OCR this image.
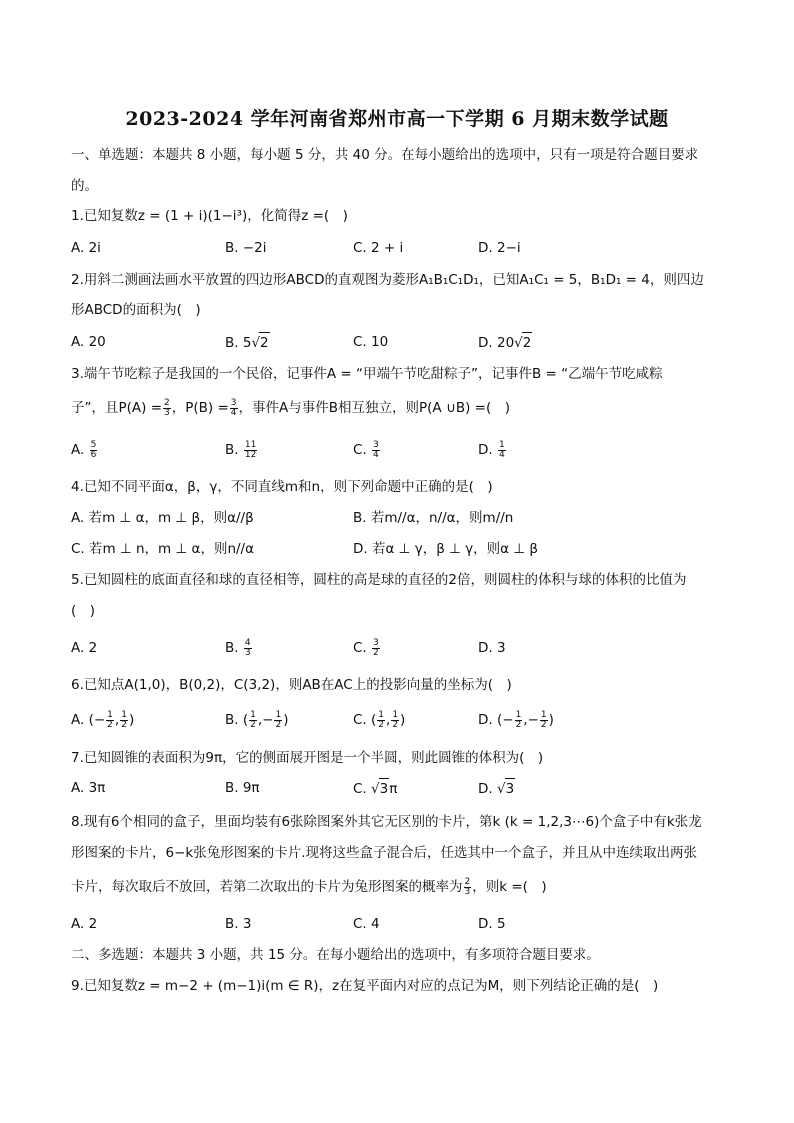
2023-2024 学年河南省郑州市高一下学期 6 月期末数学试题
一、单选题：本题共 8 小题，每小题 5 分，共 40 分。在每小题给出的选项中，只有一项是符合题目要求
的。
1.已知复数z = (1 + i)(1−i³)，化简得z =(　)
A. 2i	B. −2i	C. 2 + i	D. 2−i
2.用斜二测画法画水平放置的四边形ABCD的直观图为菱形A₁B₁C₁D₁，已知A₁C₁ = 5，B₁D₁ = 4，则四边
形ABCD的面积为(　)
A. 20	B. 5√2	C. 10	D. 20√2
3.端午节吃粽子是我国的一个民俗，记事件A = “甲端午节吃甜粽子”，记事件B = “乙端午节吃咸粽
子”，且$P(A) = \frac{2}{3}$ ，$P(B) = \frac{3}{4}$ ，事件A与事件B相互独立，则P(A ∪B) =(　)
A. $\frac{5}{6}$	B. $\frac{11}{12}$	C. $\frac{3}{4}$	D. $\frac{1}{4}$
4.已知不同平面α，β，γ，不同直线m和n，则下列命题中正确的是(　)
A. 若m ⊥ α，m ⊥ β，则α//β	B. 若m//α，n//α，则m//n
C. 若m ⊥ n，m ⊥ α，则n//α	D. 若α ⊥ γ，β ⊥ γ，则α ⊥ β
5.已知圆柱的底面直径和球的直径相等，圆柱的高是球的直径的2倍，则圆柱的体积与球的体积的比值为
(　)
A. 2	B. $\frac{4}{3}$	C. $\frac{3}{2}$	D. 3
6.已知点A(1,0)，B(0,2)，C(3,2)，则AB在AC上的投影向量的坐标为(　)
A. (− $\frac{1}{2}$ , $\frac{1}{2}$ )	B. ( $\frac{1}{2}$ ,− $\frac{1}{2}$ )	C. ( $\frac{1}{2}$ , $\frac{1}{2}$ )	D. (− $\frac{1}{2}$ ,− $\frac{1}{2}$ )
7.已知圆锥的表面积为9π，它的侧面展开图是一个半圆，则此圆锥的体积为(　)
A. 3π	B. 9π	C. √3π	D. √3
8.现有6个相同的盒子，里面均装有6张除图案外其它无区别的卡片，第k (k = 1,2,3⋯6)个盒子中有k张龙
形图案的卡片，6−k张兔形图案的卡片.现将这些盒子混合后，任选其中一个盒子，并且从中连续取出两张
卡片，每次取后不放回，若第二次取出的卡片为兔形图案的概率为 $\frac{2}{3}$ ，则k =(　)
A. 2	B. 3	C. 4	D. 5
二、多选题：本题共 3 小题，共 15 分。在每小题给出的选项中，有多项符合题目要求。
9.已知复数z = m−2 + (m−1)i(m ∈ R)，z在复平面内对应的点记为M，则下列结论正确的是(　)
